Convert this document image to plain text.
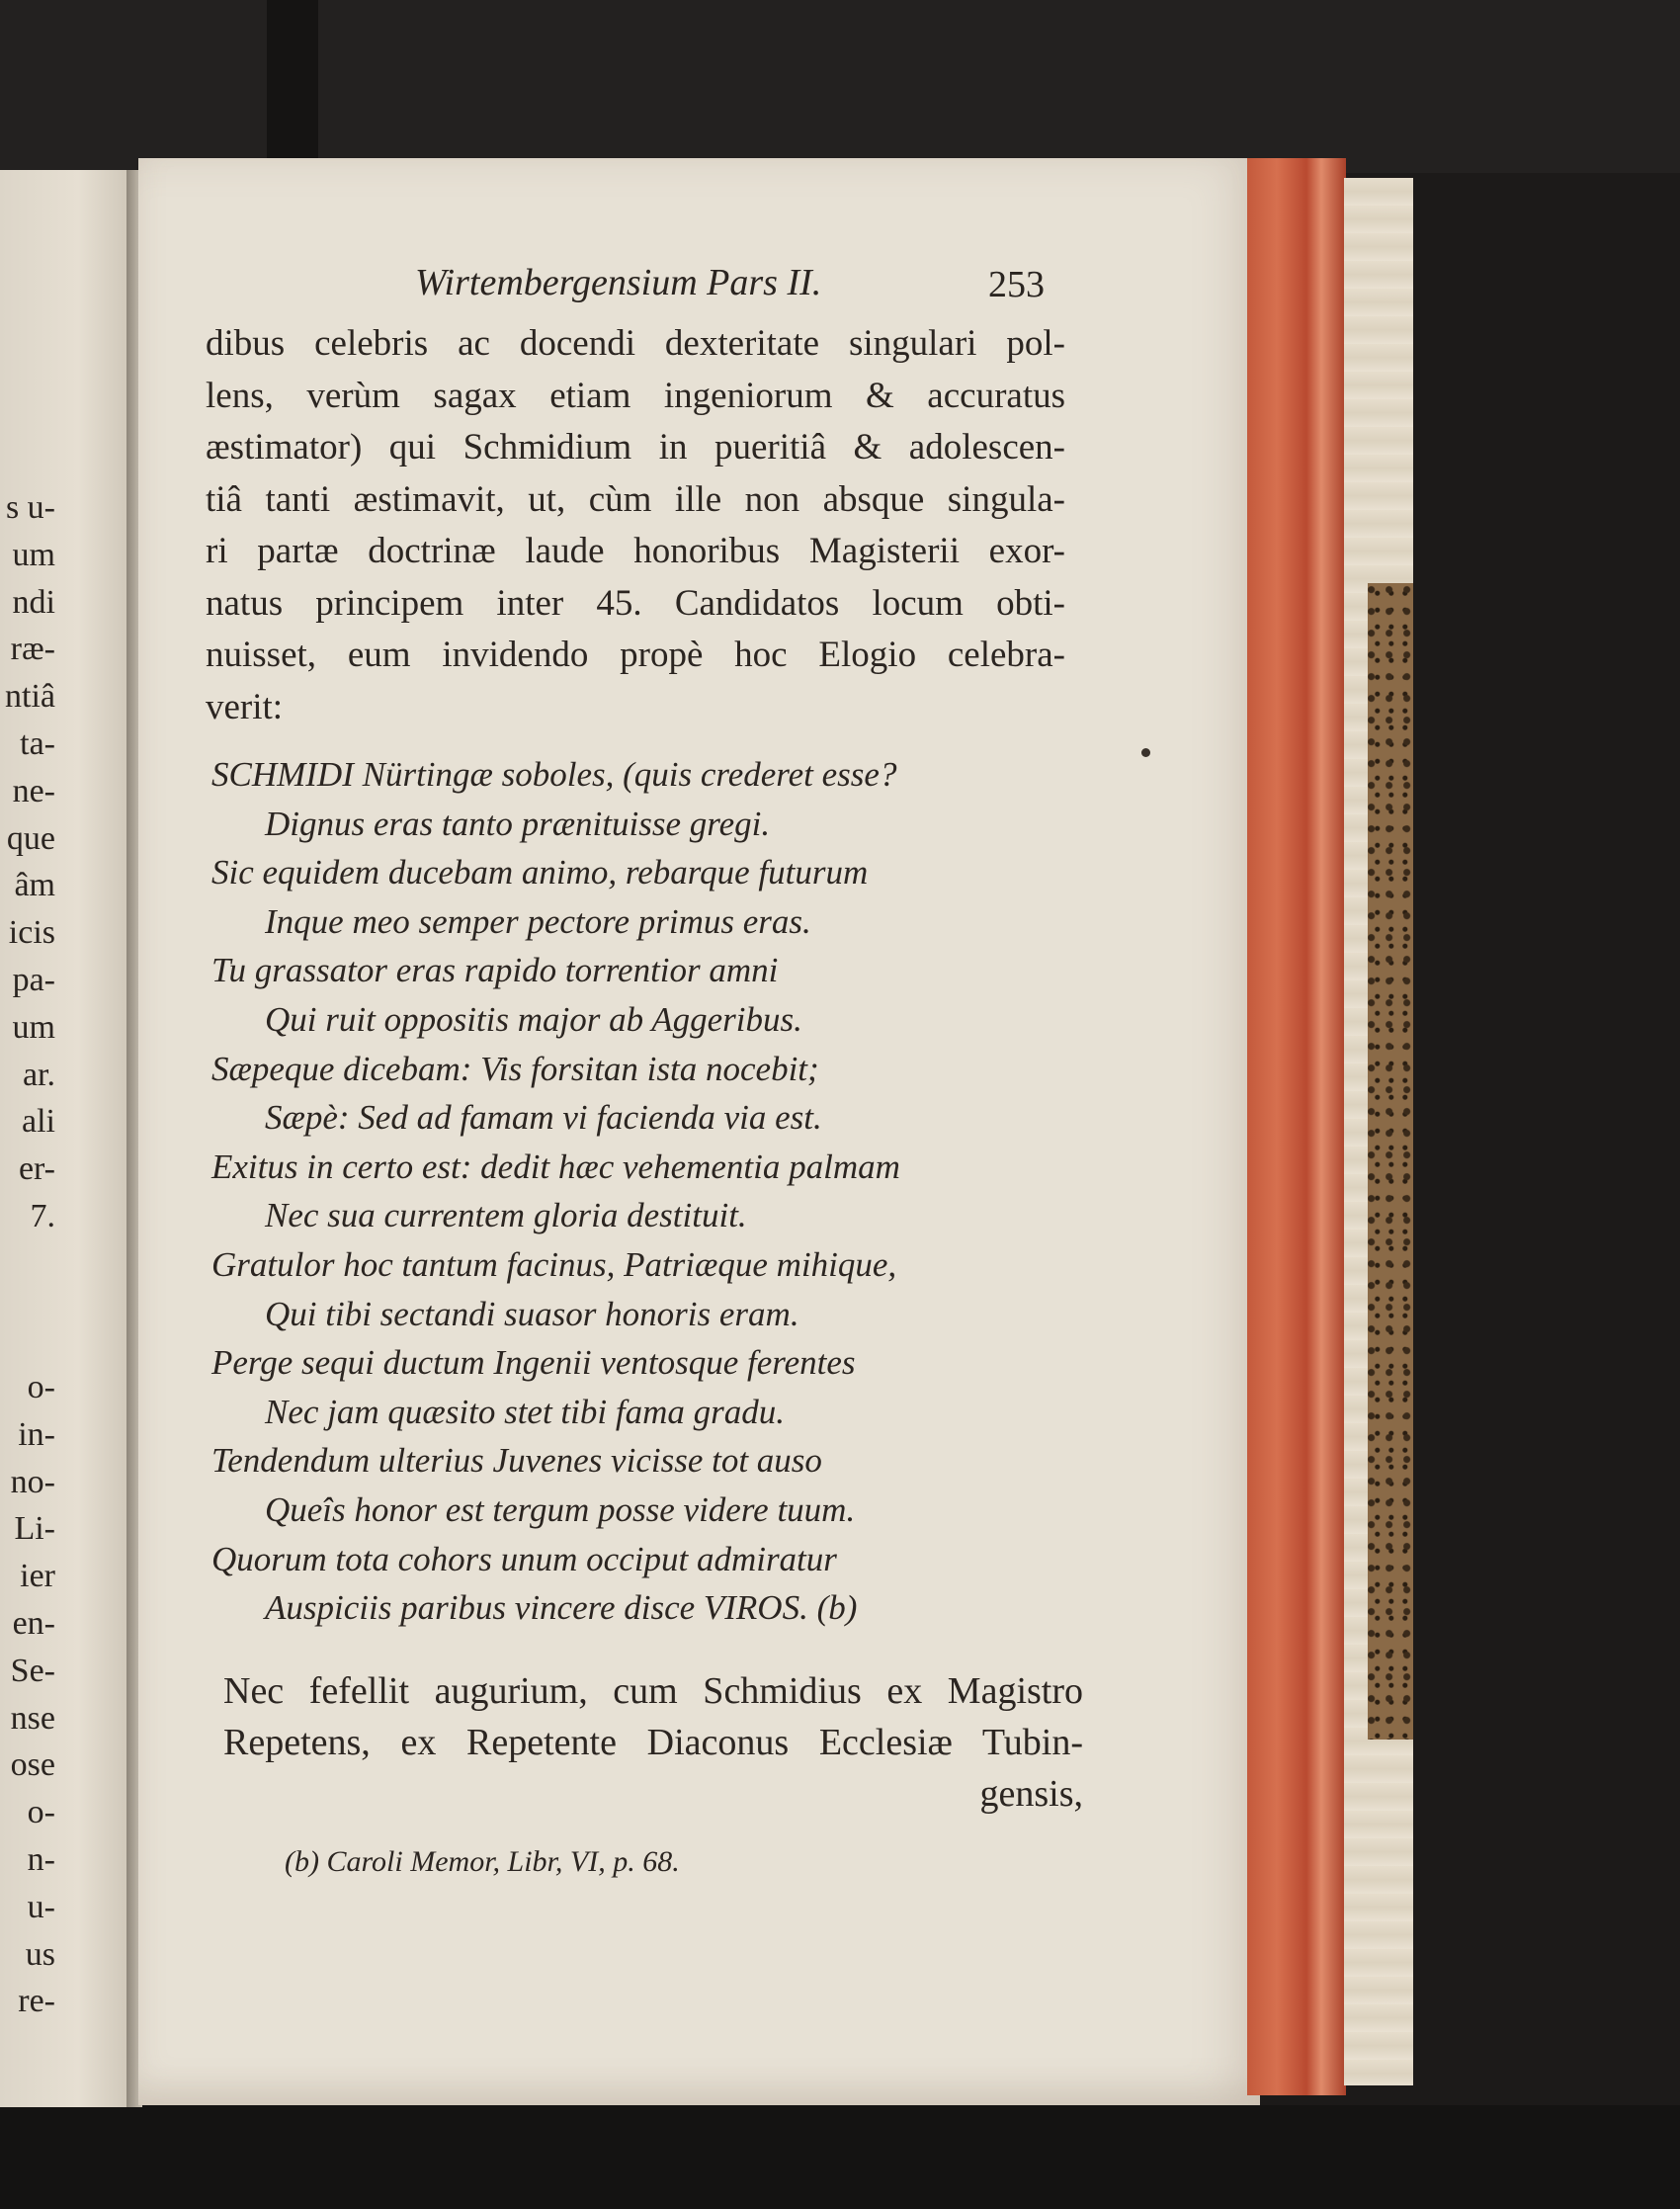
s u-
um
ndi
ræ-
ntiâ
ta-
ne-
que
âm
icis
pa-
um
ar.
ali
er-
7.
o-
in-
no-
Li-
ier
en-
Se-
nse
ose
o-
n-
u-
us
re-
Wirtembergensium Pars II.	253
dibus celebris ac docendi dexteritate singulari pol-
lens, verùm sagax etiam ingeniorum & accuratus
æstimator) qui Schmidium in pueritiâ & adolescen-
tiâ tanti æstimavit, ut, cùm ille non absque singula-
ri partæ doctrinæ laude honoribus Magisterii exor-
natus principem inter 45. Candidatos locum obti-
nuisset, eum invidendo propè hoc Elogio celebra-
verit:
SCHMIDI Nürtingæ soboles, (quis crederet esse?
Dignus eras tanto prænituisse gregi.
Sic equidem ducebam animo, rebarque futurum
Inque meo semper pectore primus eras.
Tu grassator eras rapido torrentior amni
Qui ruit oppositis major ab Aggeribus.
Sæpeque dicebam: Vis forsitan ista nocebit;
Sæpè: Sed ad famam vi facienda via est.
Exitus in certo est: dedit hæc vehementia palmam
Nec sua currentem gloria destituit.
Gratulor hoc tantum facinus, Patriæque mihique,
Qui tibi sectandi suasor honoris eram.
Perge sequi ductum Ingenii ventosque ferentes
Nec jam quæsito stet tibi fama gradu.
Tendendum ulterius Juvenes vicisse tot auso
Queîs honor est tergum posse videre tuum.
Quorum tota cohors unum occiput admiratur
Auspiciis paribus vincere disce VIROS. (b)
Nec fefellit augurium, cum Schmidius ex Magistro
Repetens, ex Repetente Diaconus Ecclesiæ Tubin-
gensis,
(b) Caroli Memor, Libr, VI, p. 68.
